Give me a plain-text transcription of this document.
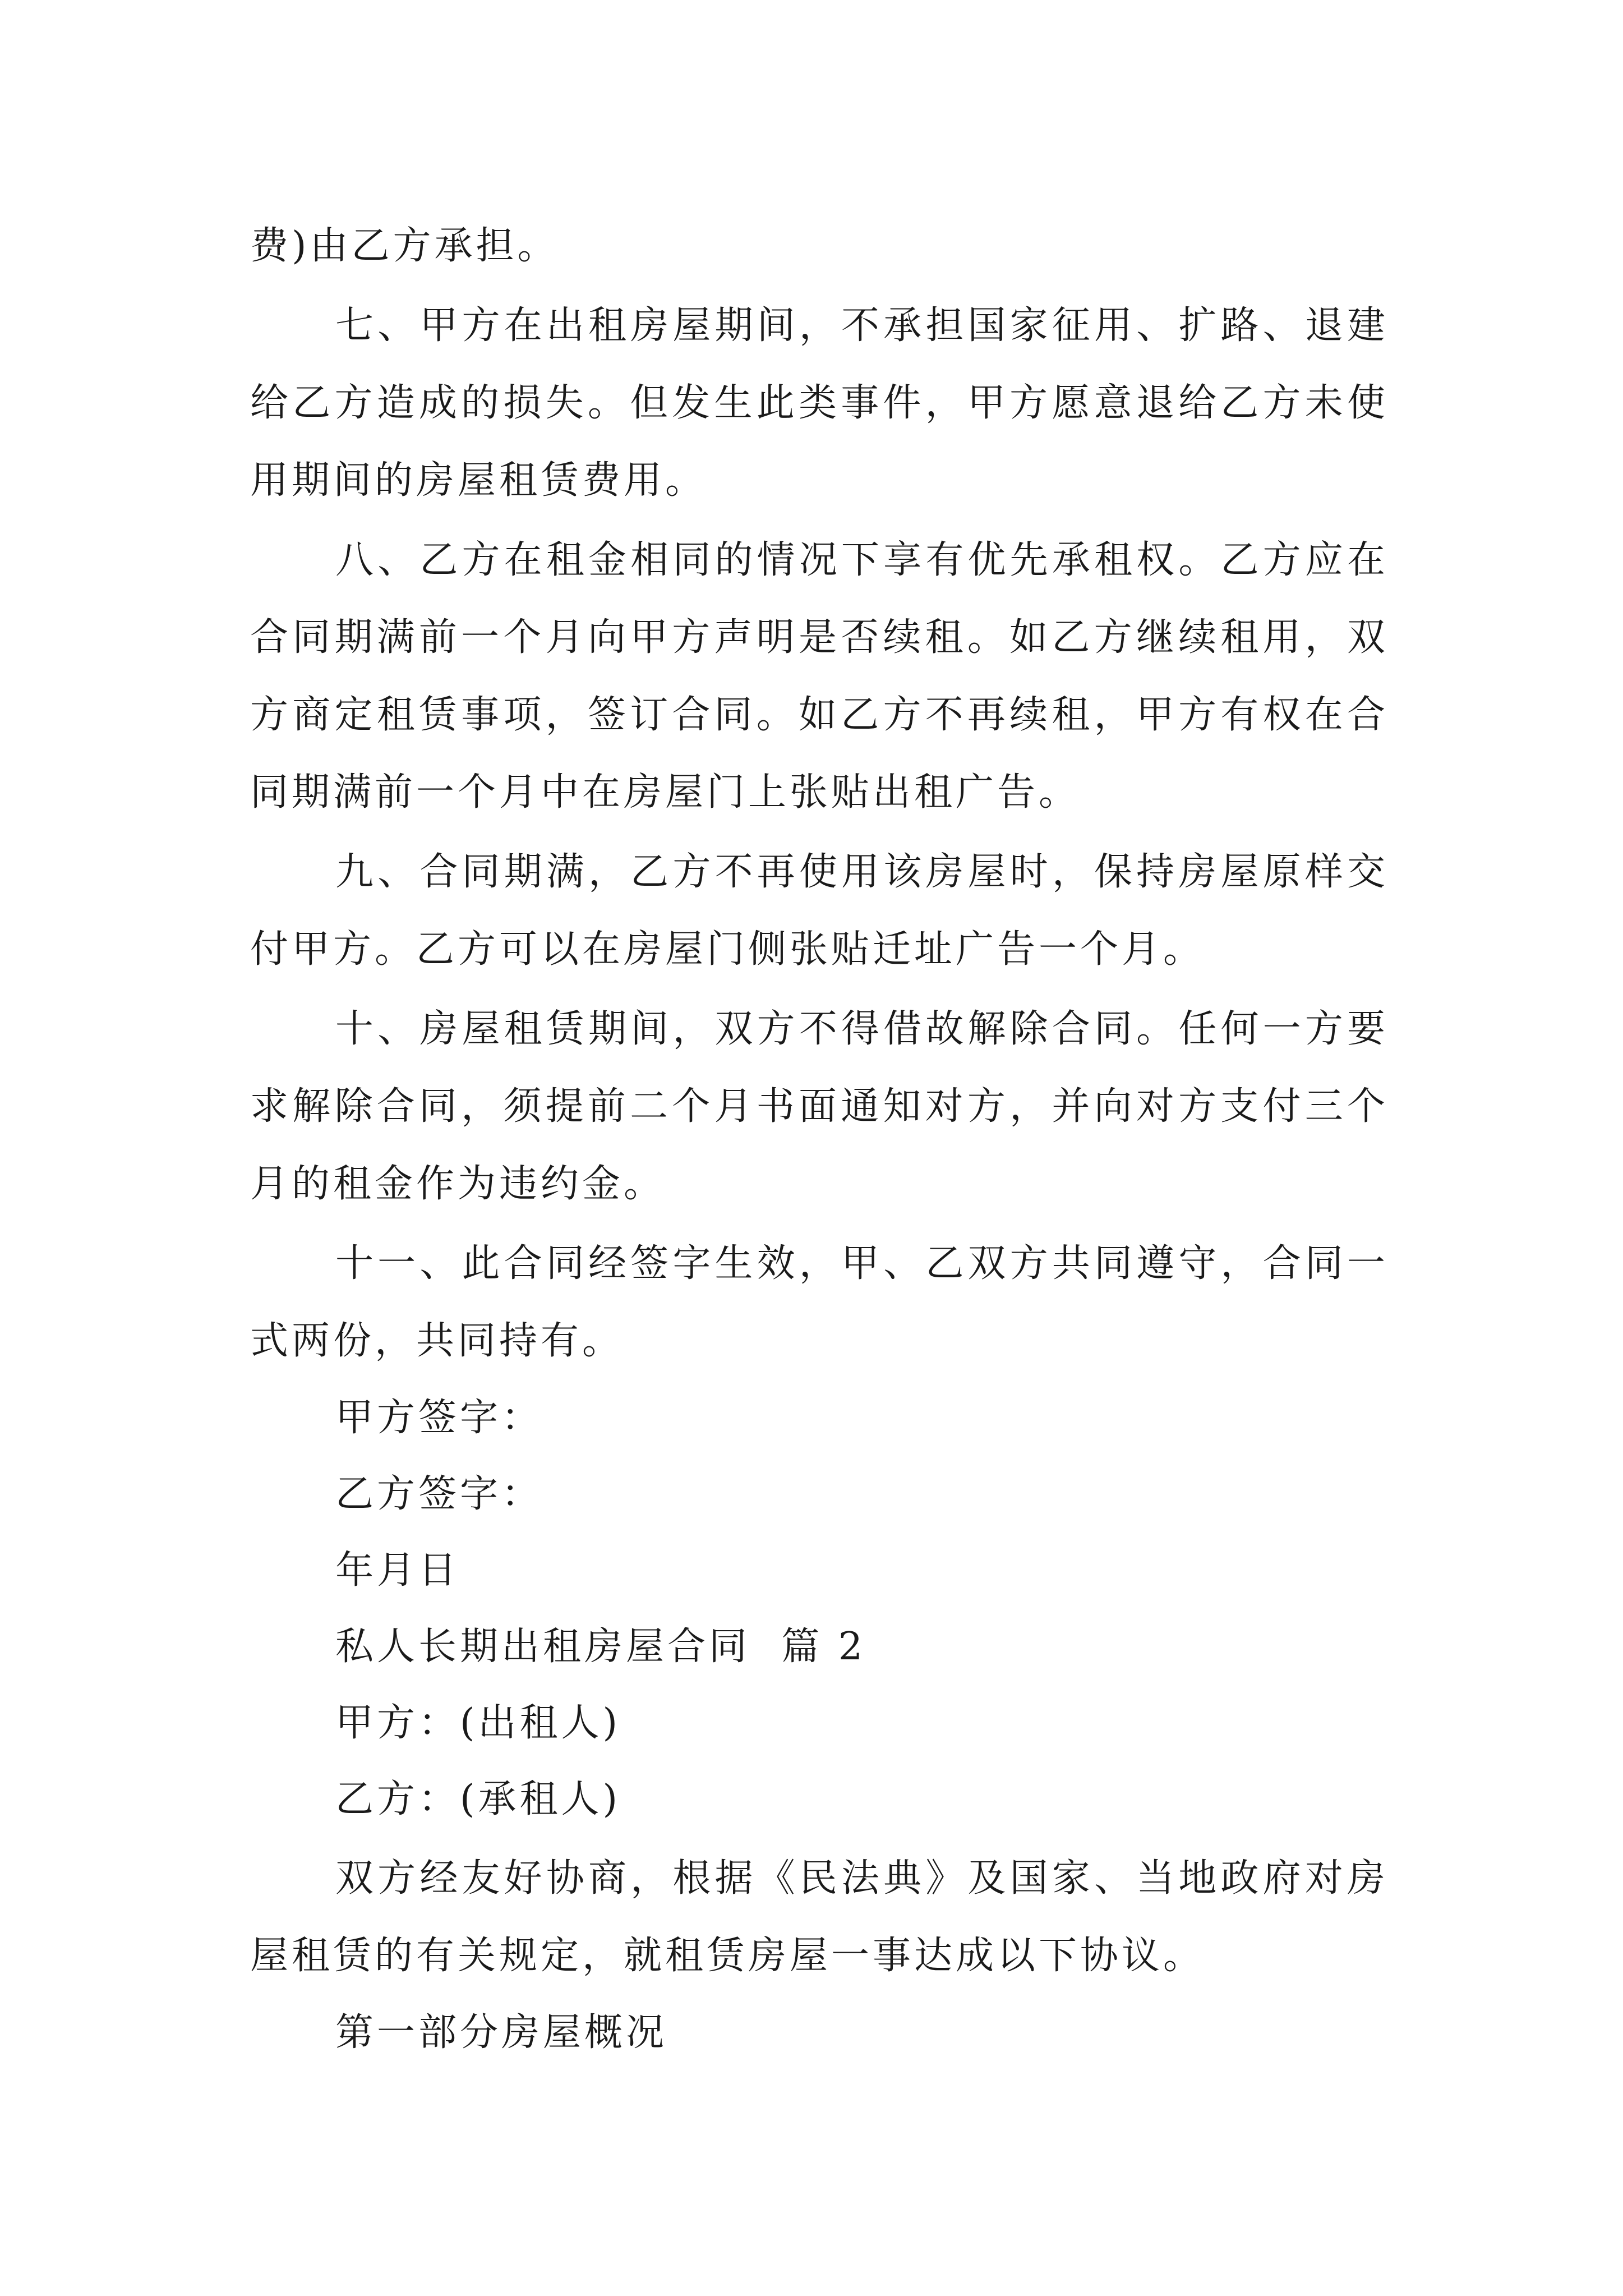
费)由乙方承担。

七、甲方在出租房屋期间，不承担国家征用、扩路、退建给乙方造成的损失。但发生此类事件，甲方愿意退给乙方未使用期间的房屋租赁费用。

八、乙方在租金相同的情况下享有优先承租权。乙方应在合同期满前一个月向甲方声明是否续租。如乙方继续租用，双方商定租赁事项，签订合同。如乙方不再续租，甲方有权在合同期满前一个月中在房屋门上张贴出租广告。

九、合同期满，乙方不再使用该房屋时，保持房屋原样交付甲方。乙方可以在房屋门侧张贴迁址广告一个月。

十、房屋租赁期间，双方不得借故解除合同。任何一方要求解除合同，须提前二个月书面通知对方，并向对方支付三个月的租金作为违约金。

十一、此合同经签字生效，甲、乙双方共同遵守，合同一式两份，共同持有。

甲方签字：

乙方签字：

年月日

私人长期出租房屋合同  篇 2

甲方：(出租人)

乙方：(承租人)

双方经友好协商，根据《民法典》及国家、当地政府对房屋租赁的有关规定，就租赁房屋一事达成以下协议。

第一部分房屋概况
